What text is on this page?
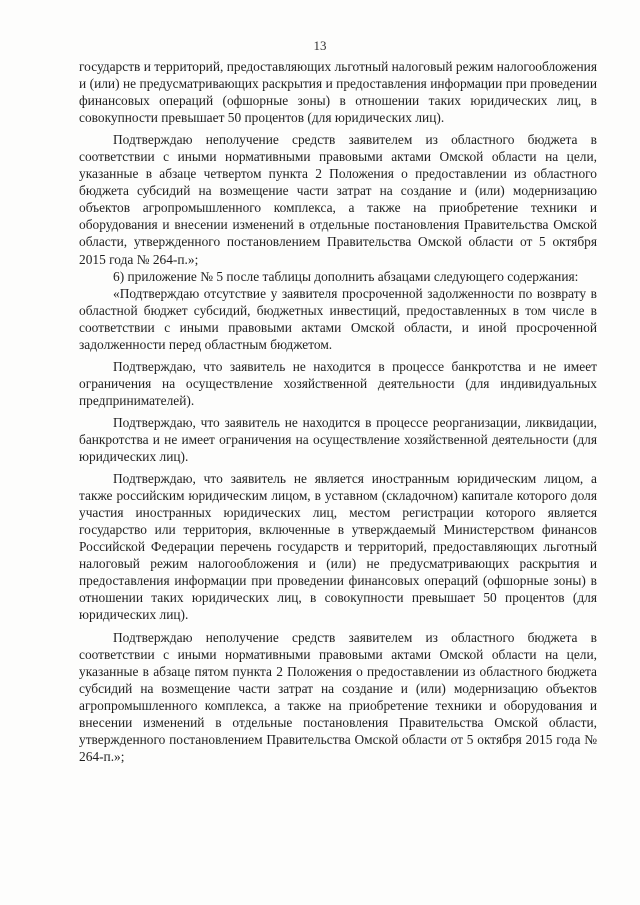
13

государств и территорий, предоставляющих льготный налоговый режим налогообложения и (или) не предусматривающих раскрытия и предоставления информации при проведении финансовых операций (офшорные зоны) в отношении таких юридических лиц, в совокупности превышает 50 процентов (для юридических лиц).

Подтверждаю неполучение средств заявителем из областного бюджета в соответствии с иными нормативными правовыми актами Омской области на цели, указанные в абзаце четвертом пункта 2 Положения о предоставлении из областного бюджета субсидий на возмещение части затрат на создание и (или) модернизацию объектов агропромышленного комплекса, а также на приобретение техники и оборудования и внесении изменений в отдельные постановления Правительства Омской области, утвержденного постановлением Правительства Омской области от 5 октября 2015 года № 264-п.»;

6) приложение № 5 после таблицы дополнить абзацами следующего содержания:

«Подтверждаю отсутствие у заявителя просроченной задолженности по возврату в областной бюджет субсидий, бюджетных инвестиций, предоставленных в том числе в соответствии с иными правовыми актами Омской области, и иной просроченной задолженности перед областным бюджетом.

Подтверждаю, что заявитель не находится в процессе банкротства и не имеет ограничения на осуществление хозяйственной деятельности (для индивидуальных предпринимателей).

Подтверждаю, что заявитель не находится в процессе реорганизации, ликвидации, банкротства и не имеет ограничения на осуществление хозяйственной деятельности (для юридических лиц).

Подтверждаю, что заявитель не является иностранным юридическим лицом, а также российским юридическим лицом, в уставном (складочном) капитале которого доля участия иностранных юридических лиц, местом регистрации которого является государство или территория, включенные в утверждаемый Министерством финансов Российской Федерации перечень государств и территорий, предоставляющих льготный налоговый режим налогообложения и (или) не предусматривающих раскрытия и предоставления информации при проведении финансовых операций (офшорные зоны) в отношении таких юридических лиц, в совокупности превышает 50 процентов (для юридических лиц).

Подтверждаю неполучение средств заявителем из областного бюджета в соответствии с иными нормативными правовыми актами Омской области на цели, указанные в абзаце пятом пункта 2 Положения о предоставлении из областного бюджета субсидий на возмещение части затрат на создание и (или) модернизацию объектов агропромышленного комплекса, а также на приобретение техники и оборудования и внесении изменений в отдельные постановления Правительства Омской области, утвержденного постановлением Правительства Омской области от 5 октября 2015 года № 264-п.»;
